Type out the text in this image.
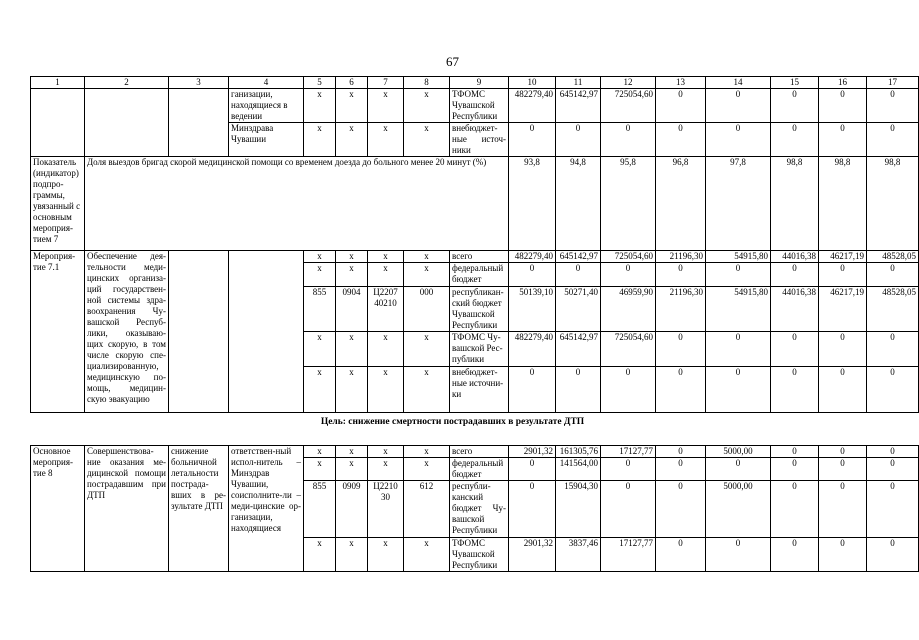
67
1	2	3	4	5	6	7	8	9	10	11	12	13	14	15	16	17
			ганизации, находящиеся в ведении	х	х	х	х	ТФОМС Чувашской Республики	482279,40	645142,97	725054,60	0	0	0	0	0
			Минздрава Чувашии	х	х	х	х	внебюджет-ные источ-ники	0	0	0	0	0	0	0	0
Показатель (индикатор) подпро-граммы, увязанный с основным мероприя-тием 7	Доля выездов бригад скорой медицинской помощи со временем доезда до больного менее 20 минут (%)								93,8	94,8	95,8	96,8	97,8	98,8	98,8	98,8
Мероприя-тие 7.1	Обеспечение дея-тельности меди-цинских организа-ций государствен-ной системы здра-воохранения Чу-вашской Респуб-лики, оказываю-щих скорую, в том числе скорую спе-циализированную, медицинскую по-мощь, медицин-скую эвакуацию			х	х	х	х	всего	482279,40	645142,97	725054,60	21196,30	54915,80	44016,38	46217,19	48528,05
				х	х	х	х	федеральный бюджет	0	0	0	0	0	0	0	0
				855	0904	Ц2207 40210	000	республикан-ский бюджет Чувашской Республики	50139,10	50271,40	46959,90	21196,30	54915,80	44016,38	46217,19	48528,05
				х	х	х	х	ТФОМС Чу-вашской Рес-публики	482279,40	645142,97	725054,60	0	0	0	0	0
				х	х	х	х	внебюджет-ные источни-ки	0	0	0	0	0	0	0	0
Цель: снижение смертности пострадавших в результате ДТП
Основное мероприя-тие 8	Совершенствова-ние оказания ме-дицинской помощи пострадавшим при ДТП	снижение больничной летальности пострада-вших в ре-зультате ДТП	ответствен-ный испол-нитель – Минздрав Чувашии, соисполните-ли – меди-цинские ор-ганизации, находящиеся	х	х	х	х	всего	2901,32	161305,76	17127,77	0	5000,00	0	0	0
				х	х	х	х	федеральный бюджет	0	141564,00	0	0	0	0	0	0
				855	0909	Ц2210 30	612	республи-канский бюджет Чу-вашской Республики	0	15904,30	0	0	5000,00	0	0	0
				х	х	х	х	ТФОМС Чувашской Республики	2901,32	3837,46	17127,77	0	0	0	0	0
